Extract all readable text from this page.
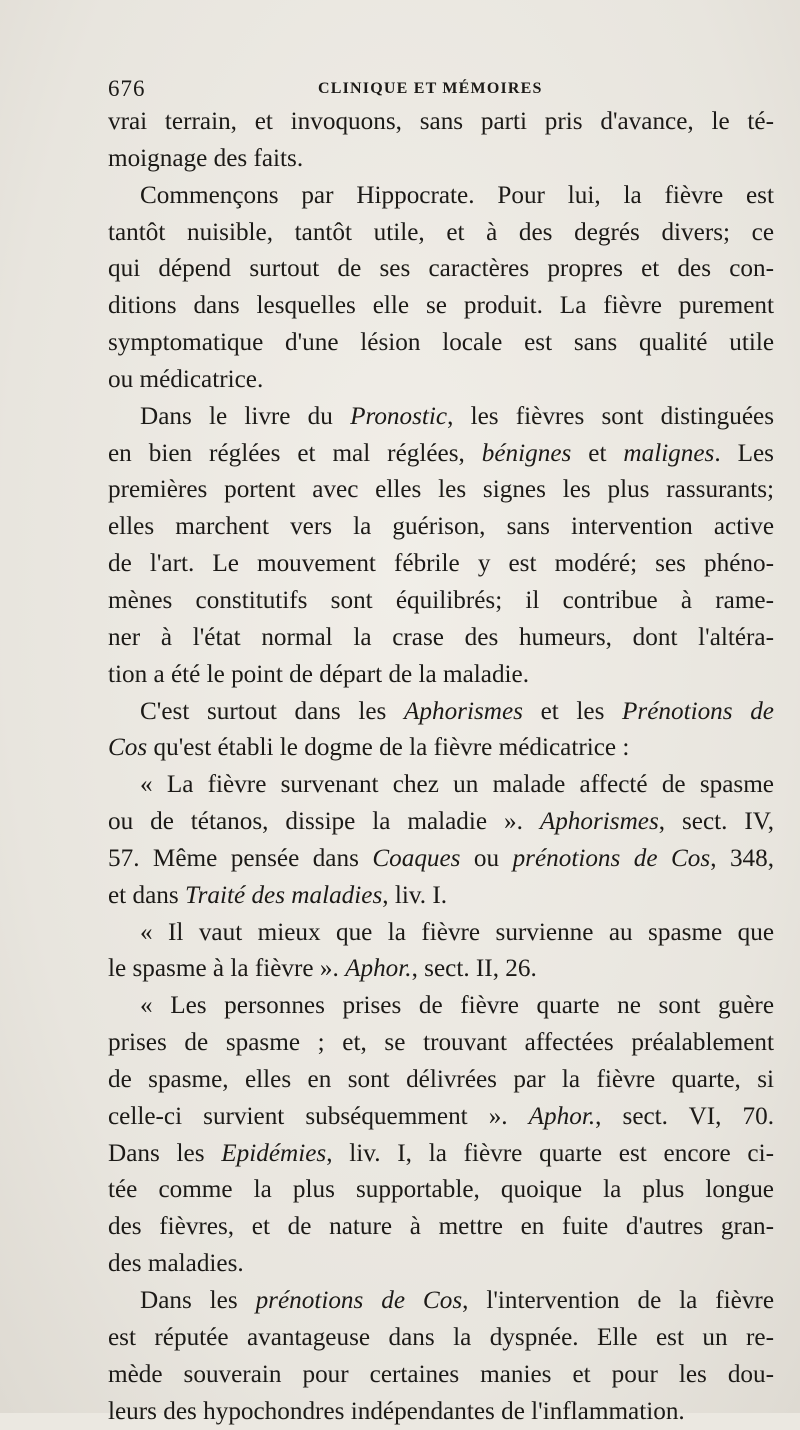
676	CLINIQUE ET MÉMOIRES
vrai terrain, et invoquons, sans parti pris d'avance, le té-
moignage des faits.
Commençons par Hippocrate. Pour lui, la fièvre est
tantôt nuisible, tantôt utile, et à des degrés divers; ce
qui dépend surtout de ses caractères propres et des con-
ditions dans lesquelles elle se produit. La fièvre purement
symptomatique d'une lésion locale est sans qualité utile
ou médicatrice.
Dans le livre du Pronostic, les fièvres sont distinguées
en bien réglées et mal réglées, bénignes et malignes. Les
premières portent avec elles les signes les plus rassurants;
elles marchent vers la guérison, sans intervention active
de l'art. Le mouvement fébrile y est modéré; ses phéno-
mènes constitutifs sont équilibrés; il contribue à rame-
ner à l'état normal la crase des humeurs, dont l'altéra-
tion a été le point de départ de la maladie.
C'est surtout dans les Aphorismes et les Prénotions de
Cos qu'est établi le dogme de la fièvre médicatrice :
« La fièvre survenant chez un malade affecté de spasme
ou de tétanos, dissipe la maladie ». Aphorismes, sect. IV,
57. Même pensée dans Coaques ou prénotions de Cos, 348,
et dans Traité des maladies, liv. I.
« Il vaut mieux que la fièvre survienne au spasme que
le spasme à la fièvre ». Aphor., sect. II, 26.
« Les personnes prises de fièvre quarte ne sont guère
prises de spasme ; et, se trouvant affectées préalablement
de spasme, elles en sont délivrées par la fièvre quarte, si
celle-ci survient subséquemment ». Aphor., sect. VI, 70.
Dans les Epidémies, liv. I, la fièvre quarte est encore ci-
tée comme la plus supportable, quoique la plus longue
des fièvres, et de nature à mettre en fuite d'autres gran-
des maladies.
Dans les prénotions de Cos, l'intervention de la fièvre
est réputée avantageuse dans la dyspnée. Elle est un re-
mède souverain pour certaines manies et pour les dou-
leurs des hypochondres indépendantes de l'inflammation.
